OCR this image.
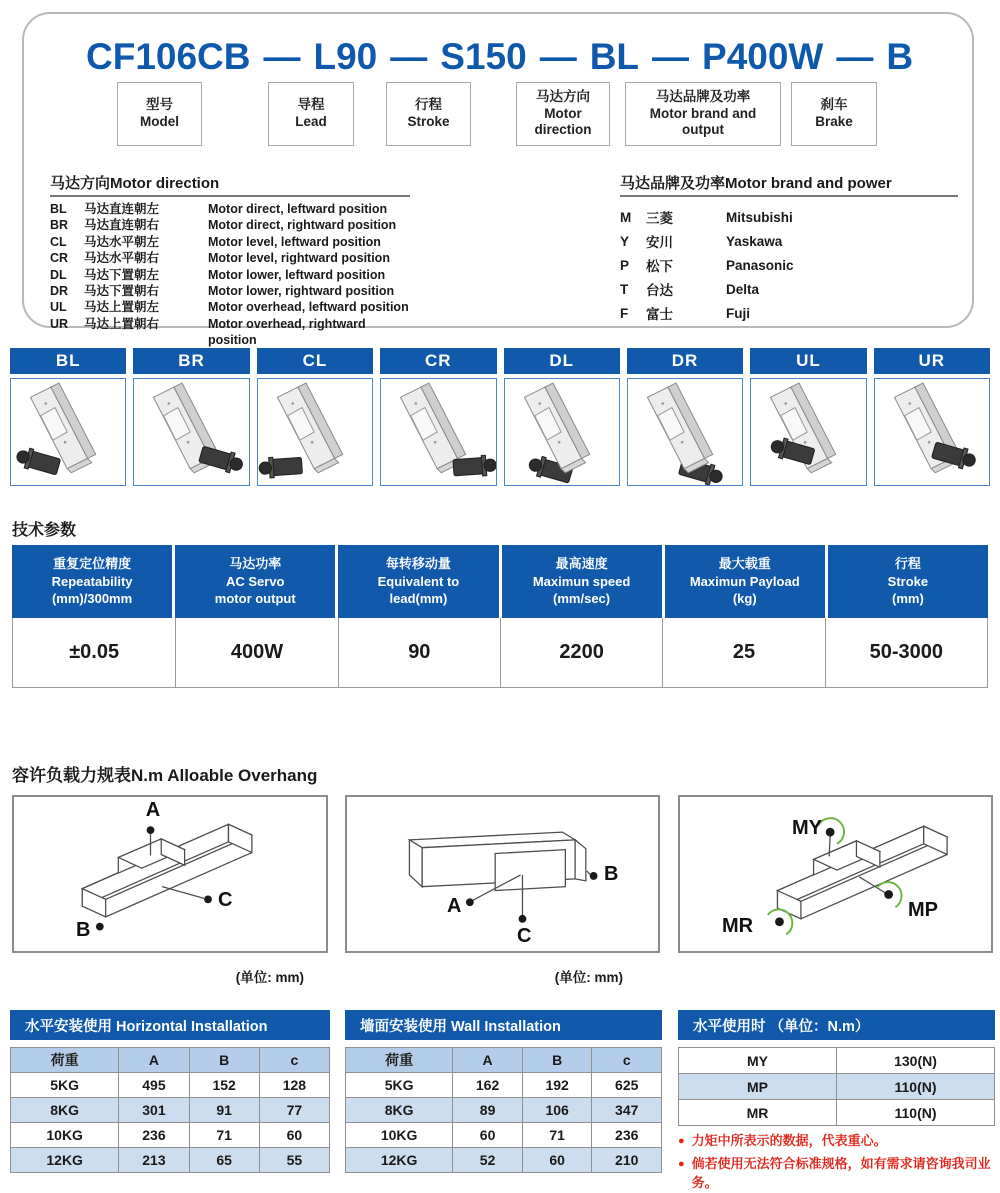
CF106CB — L90 — S150 — BL — P400W — B
型号
Model
导程
Lead
行程
Stroke
马达方向
Motor direction
马达品牌及功率
Motor brand and output
刹车
Brake
马达方向Motor direction
BL	马达直连朝左	Motor direct, leftward position
BR	马达直连朝右	Motor direct, rightward position
CL	马达水平朝左	Motor level, leftward position
CR	马达水平朝右	Motor level, rightward position
DL	马达下置朝左	Motor lower, leftward position
DR	马达下置朝右	Motor lower, rightward position
UL	马达上置朝左	Motor overhead, leftward position
UR	马达上置朝右	Motor overhead, rightward position
马达品牌及功率Motor brand and power
M	三菱	Mitsubishi
Y	安川	Yaskawa
P	松下	Panasonic
T	台达	Delta
F	富士	Fuji
BL	BR	CL	CR	DL	DR	UL	UR
技术参数
重复定位精度
Repeatability
(mm)/300mm
马达功率
AC Servo
motor output
每转移动量
Equivalent to
lead(mm)
最高速度
Maximun speed
(mm/sec)
最大载重
Maximun Payload
(kg)
行程
Stroke
(mm)
±0.05	400W	90	2200	25	50-3000
容许负载力规表N.m Alloable Overhang
A
B
C	A
B
C
MY
MP
MR
(单位: mm)	(单位: mm)
水平安装使用 Horizontal Installation
荷重	A	B	c
5KG	495	152	128
8KG	301	91	77
10KG	236	71	60
12KG	213	65	55
墙面安装使用 Wall Installation
荷重	A	B	c
5KG	162	192	625
8KG	89	106	347
10KG	60	71	236
12KG	52	60	210
水平使用时 （单位：N.m）
MY	130(N)
MP	110(N)
MR	110(N)
● 力矩中所表示的数据，代表重心。
● 倘若使用无法符合标准规格，如有需求请咨询我司业务。
